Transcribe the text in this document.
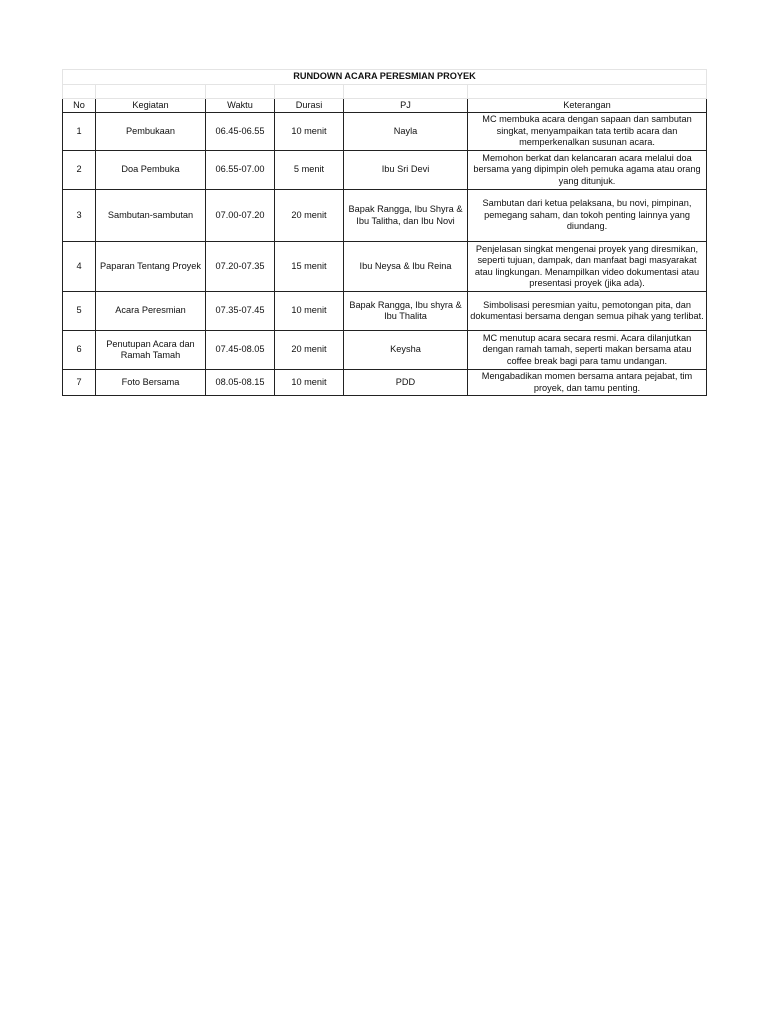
RUNDOWN ACARA PERESMIAN PROYEK					

No	Kegiatan	Waktu	Durasi	PJ	Keterangan
1	Pembukaan	06.45-06.55	10 menit	Nayla	MC membuka acara dengan sapaan dan sambutan singkat, menyampaikan tata tertib acara dan memperkenalkan susunan acara.
2	Doa Pembuka	06.55-07.00	5 menit	Ibu Sri Devi	Memohon berkat dan kelancaran acara melalui doa bersama yang dipimpin oleh pemuka agama atau orang yang ditunjuk.
3	Sambutan-sambutan	07.00-07.20	20 menit	Bapak Rangga, Ibu Shyra & Ibu Talitha, dan Ibu Novi	Sambutan dari ketua pelaksana, bu novi, pimpinan, pemegang saham, dan tokoh penting lainnya yang diundang.
4	Paparan Tentang Proyek	07.20-07.35	15 menit	Ibu Neysa & Ibu Reina	Penjelasan singkat mengenai proyek yang diresmikan, seperti tujuan, dampak, dan manfaat bagi masyarakat atau lingkungan. Menampilkan video dokumentasi atau presentasi proyek (jika ada).
5	Acara Peresmian	07.35-07.45	10 menit	Bapak Rangga, Ibu shyra & Ibu Thalita	Simbolisasi peresmian yaitu, pemotongan pita, dan dokumentasi bersama dengan semua pihak yang terlibat.
6	Penutupan Acara dan Ramah Tamah	07.45-08.05	20 menit	Keysha	MC menutup acara secara resmi. Acara dilanjutkan dengan ramah tamah, seperti makan bersama atau coffee break bagi para tamu undangan.
7	Foto Bersama	08.05-08.15	10 menit	PDD	Mengabadikan momen bersama antara pejabat, tim proyek, dan tamu penting.
